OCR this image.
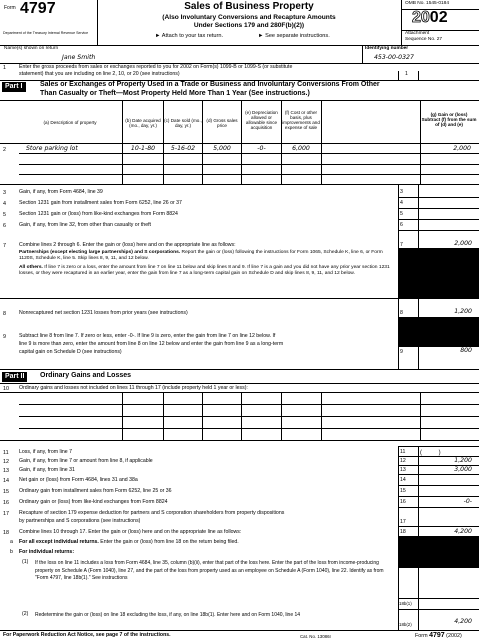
Form 4797
Department of the Treasury Internal Revenue Service
Sales of Business Property
(Also Involuntary Conversions and Recapture Amounts
Under Sections 179 and 280F(b)(2))
► Attach to your tax return.	► See separate instructions.
OMB No. 1545-0184
2002
Attachment
Sequence No. 27
Name(s) shown on return
Jane Smith
Identifying number
453-00-0327
1	Enter the gross proceeds from sales or exchanges reported to you for 2002 on Form(s) 1099-B or 1099-S (or substitute
statement) that you are including on line 2, 10, or 20 (see instructions)	1
Part I	Sales or Exchanges of Property Used in a Trade or Business and Involuntary Conversions From Other
Than Casualty or Theft—Most Property Held More Than 1 Year (See instructions.)
(a) Description of property	(b) Date acquired (mo., day, yr.)
(c) Date sold (mo., day, yr.)
(d) Gross sales price
(e) Depreciation allowed or allowable since acquisition
(f) Cost or other basis, plus improvements and expense of sale
(g) Gain or (loss) Subtract (f) from the sum of (d) and (e)
2	Store parking lot	10-1-80	5-16-02	5,000	-0-	6,000	2,000
3	Gain, if any, from Form 4684, line 39	3
4	Section 1231 gain from installment sales from Form 6252, line 26 or 37	4
5	Section 1231 gain or (loss) from like-kind exchanges from Form 8824	5
6	Gain, if any, from line 32, from other than casualty or theft	6
7	Combine lines 2 through 6. Enter the gain or (loss) here and on the appropriate line as follows:	7	2,000
Partnerships (except electing large partnerships) and S corporations. Report the gain or (loss) following the instructions for Form 1065, Schedule K, line 6, or Form 1120S, Schedule K, line 5. Skip lines 8, 9, 11, and 12 below.
All others. If line 7 is zero or a loss, enter the amount from line 7 on line 11 below and skip lines 8 and 9. If line 7 is a gain and you did not have any prior year section 1231 losses, or they were recaptured in an earlier year, enter the gain from line 7 as a long-term capital gain on Schedule D and skip lines 8, 9, 11, and 12 below.
8	Nonrecaptured net section 1231 losses from prior years (see instructions)	8	1,200
9	Subtract line 8 from line 7. If zero or less, enter -0-. If line 9 is zero, enter the gain from line 7 on line 12 below. If
line 9 is more than zero, enter the amount from line 8 on line 12 below and enter the gain from line 9 as a long-term
capital gain on Schedule D (see instructions)	9	800
Part II	Ordinary Gains and Losses
10	Ordinary gains and losses not included on lines 11 through 17 (include property held 1 year or less):
11	Loss, if any, from line 7	11	(          )
12	Gain, if any, from line 7 or amount from line 8, if applicable	12	1,200
13	Gain, if any, from line 31	13	3,000
14	Net gain or (loss) from Form 4684, lines 31 and 38a	14
15	Ordinary gain from installment sales from Form 6252, line 25 or 36	15
16	Ordinary gain or (loss) from like-kind exchanges from Form 8824	16	-0-
17	Recapture of section 179 expense deduction for partners and S corporation shareholders from property dispositions
by partnerships and S corporations (see instructions)	17
18	Combine lines 10 through 17. Enter the gain or (loss) here and on the appropriate line as follows:	18	4,200
a For all except individual returns. Enter the gain or (loss) from line 18 on the return being filed.
b For individual returns:
(1) If the loss on line 11 includes a loss from Form 4684, line 35, column (b)(ii), enter that part of the loss here. Enter the part of the loss from income-producing property on Schedule A (Form 1040), line 27, and the part of the loss from property used as an employee on Schedule A (Form 1040), line 22. Identify as from "Form 4797, line 18b(1)." See instructions
18b(1)
(2) Redetermine the gain or (loss) on line 18 excluding the loss, if any, on line 18b(1). Enter here and on Form 1040, line 14
18b(2)	4,200
For Paperwork Reduction Act Notice, see page 7 of the instructions.	Cat. No. 13086I	Form 4797 (2002)
